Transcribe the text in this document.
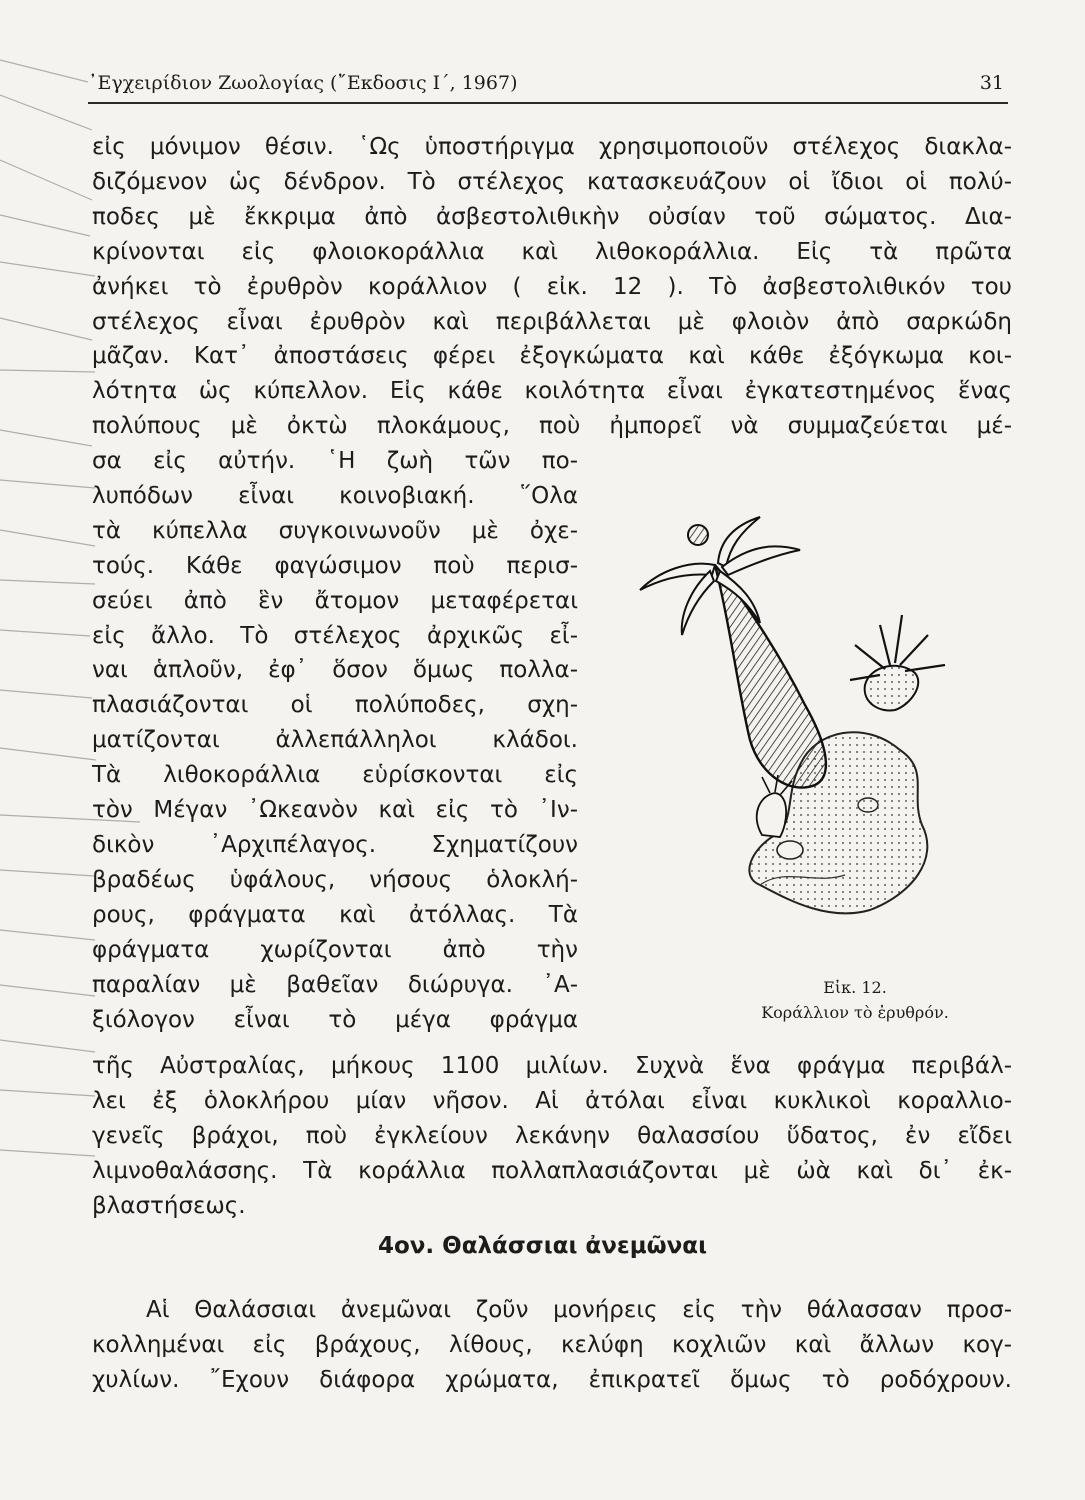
᾿Εγχειρίδιον Ζωολογίας (῎Εκδοσις Ι΄, 1967)	31
εἰς μόνιμον θέσιν. ῾Ως ὑποστήριγμα χρησιμοποιοῦν στέλεχος διακλα-
διζόμενον ὡς δένδρον. Τὸ στέλεχος κατασκευάζουν οἱ ἴδιοι οἱ πολύ-
ποδες μὲ ἔκκριμα ἀπὸ ἀσβεστολιθικὴν οὐσίαν τοῦ σώματος. Δια-
κρίνονται εἰς φλοιοκοράλλια καὶ λιθοκοράλλια. Εἰς τὰ πρῶτα
ἀνήκει τὸ ἐρυθρὸν κοράλλιον ( εἰκ. 12 ). Τὸ ἀσβεστολιθικόν του
στέλεχος εἶναι ἐρυθρὸν καὶ περιβάλλεται μὲ φλοιὸν ἀπὸ σαρκώδη
μᾶζαν. Κατ᾿ ἀποστάσεις φέρει ἐξογκώματα καὶ κάθε ἐξόγκωμα κοι-
λότητα ὡς κύπελλον. Εἰς κάθε κοιλότητα εἶναι ἐγκατεστημένος ἕνας
πολύπους μὲ ὀκτὼ πλοκάμους, ποὺ ἠμπορεῖ νὰ συμμαζεύεται μέ-
σα εἰς αὐτήν. ῾Η ζωὴ τῶν πο-
λυπόδων εἶναι κοινοβιακή. ῞Ολα
τὰ κύπελλα συγκοινωνοῦν μὲ ὀχε-
τούς. Κάθε φαγώσιμον ποὺ περισ-
σεύει ἀπὸ ἓν ἄτομον μεταφέρεται
εἰς ἄλλο. Τὸ στέλεχος ἀρχικῶς εἶ-
ναι ἁπλοῦν, ἐφ᾿ ὅσον ὅμως πολλα-
πλασιάζονται οἱ πολύποδες, σχη-
ματίζονται ἀλλεπάλληλοι κλάδοι.
Τὰ λιθοκοράλλια εὑρίσκονται εἰς
τὸν Μέγαν ᾿Ωκεανὸν καὶ εἰς τὸ ᾿Ιν-
δικὸν ᾿Αρχιπέλαγος. Σχηματίζουν
βραδέως ὑφάλους, νήσους ὁλοκλή-
ρους, φράγματα καὶ ἀτόλλας. Τὰ
φράγματα χωρίζονται ἀπὸ τὴν
παραλίαν μὲ βαθεῖαν διώρυγα. ᾿Α-
ξιόλογον εἶναι τὸ μέγα φράγμα
Εἰκ. 12.
Κοράλλιον τὸ ἐρυθρόν.
τῆς Αὐστραλίας, μήκους 1100 μιλίων. Συχνὰ ἕνα φράγμα περιβάλ-
λει ἐξ ὁλοκλήρου μίαν νῆσον. Αἱ ἀτόλαι εἶναι κυκλικοὶ κοραλλιο-
γενεῖς βράχοι, ποὺ ἐγκλείουν λεκάνην θαλασσίου ὕδατος, ἐν εἴδει
λιμνοθαλάσσης. Τὰ κοράλλια πολλαπλασιάζονται μὲ ὠὰ καὶ δι᾿ ἐκ-
βλαστήσεως.
4ον. Θαλάσσιαι ἀνεμῶναι
Αἱ Θαλάσσιαι ἀνεμῶναι ζοῦν μονήρεις εἰς τὴν θάλασσαν προσ-
κολλημέναι εἰς βράχους, λίθους, κελύφη κοχλιῶν καὶ ἄλλων κογ-
χυλίων. ῎Εχουν διάφορα χρώματα, ἐπικρατεῖ ὅμως τὸ ροδόχρουν.
